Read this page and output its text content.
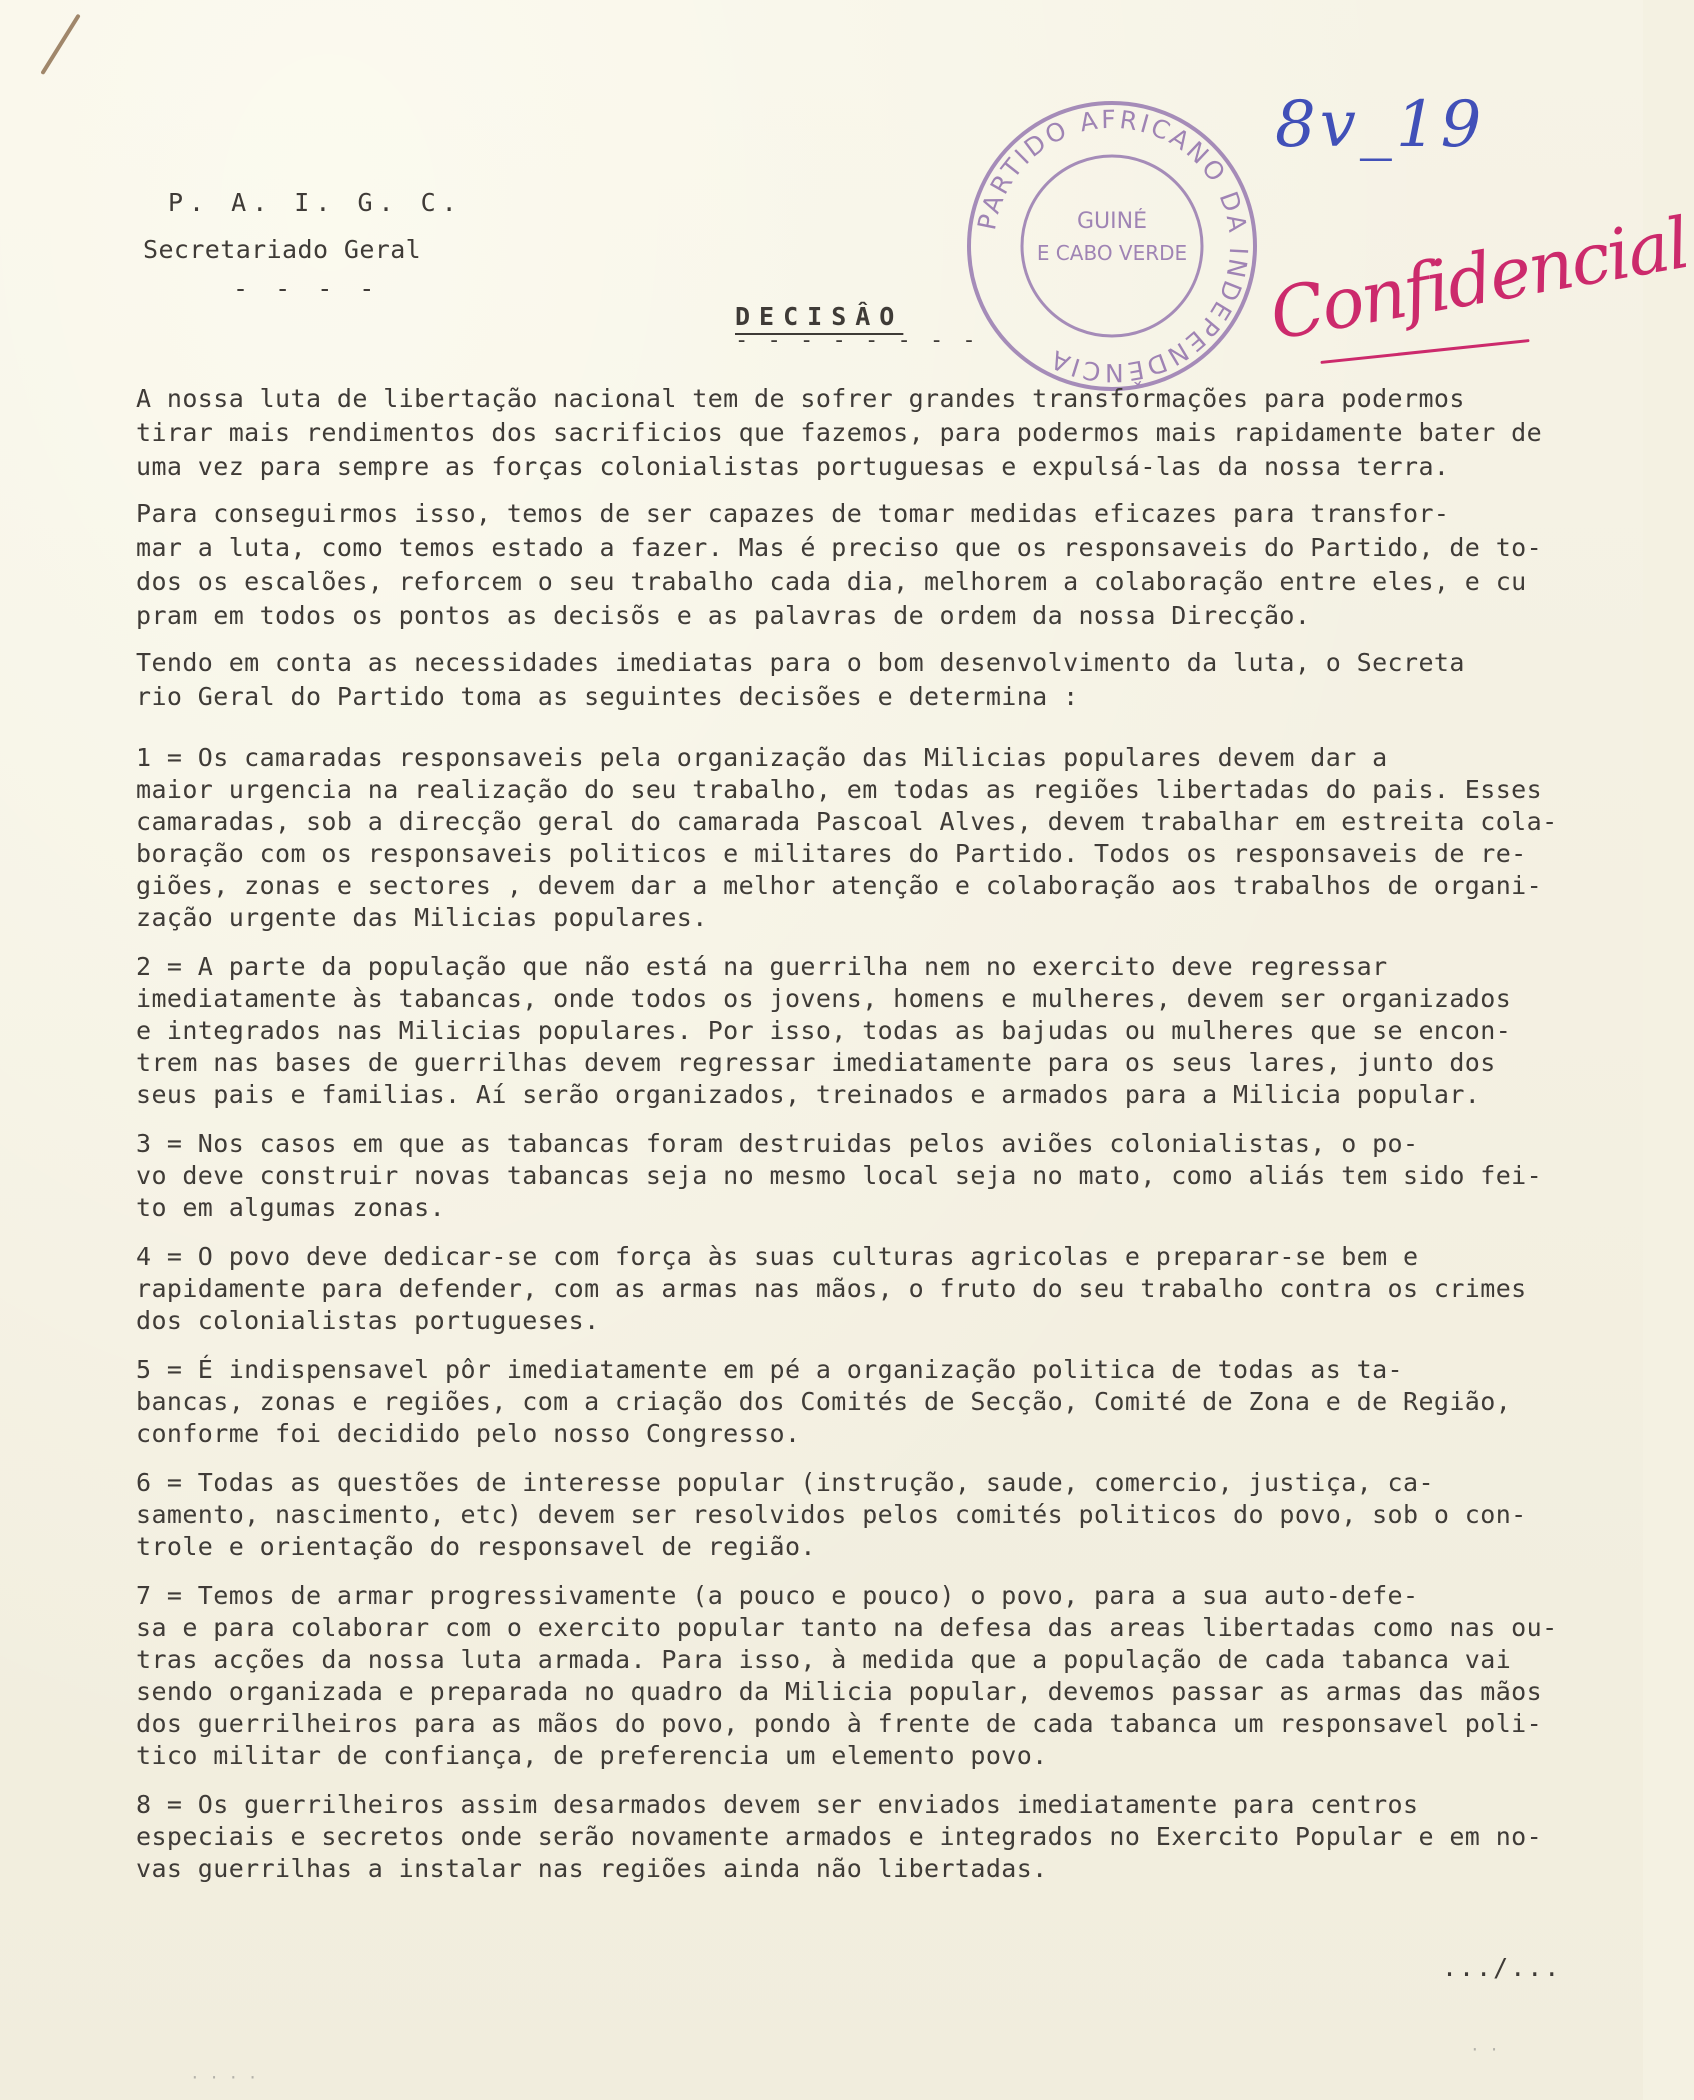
P. A. I. G. C.
Secretariado Geral
- - - -
DECISÂO
- - - - - - - -
PARTIDO AFRICANO DA INDEPENDÊNCIA
GUINÉ
E CABO VERDE
8v_19
Confidencial
A nossa luta de libertação nacional tem de sofrer grandes transformações para podermos
tirar mais rendimentos dos sacrificios que fazemos, para podermos mais rapidamente bater de
uma vez para sempre as forças colonialistas portuguesas e expulsá-las da nossa terra.
Para conseguirmos isso, temos de ser capazes de tomar medidas eficazes para transfor-
mar a luta, como temos estado a fazer. Mas é preciso que os responsaveis do Partido, de to-
dos os escalões, reforcem o seu trabalho cada dia, melhorem a colaboração entre eles, e cu
pram em todos os pontos as decisõs e as palavras de ordem da nossa Direcção.
Tendo em conta as necessidades imediatas para o bom desenvolvimento da luta, o Secreta
rio Geral do Partido toma as seguintes decisões e determina :
1 = Os camaradas responsaveis pela organização das Milicias populares devem dar a
maior urgencia na realização do seu trabalho, em todas as regiões libertadas do pais. Esses
camaradas, sob a direcção geral do camarada Pascoal Alves, devem trabalhar em estreita cola-
boração com os responsaveis politicos e militares do Partido. Todos os responsaveis de re-
giões, zonas e sectores , devem dar a melhor atenção e colaboração aos trabalhos de organi-
zação urgente das Milicias populares.
2 = A parte da população que não está na guerrilha nem no exercito deve regressar
imediatamente às tabancas, onde todos os jovens, homens e mulheres, devem ser organizados
e integrados nas Milicias populares. Por isso, todas as bajudas ou mulheres que se encon-
trem nas bases de guerrilhas devem regressar imediatamente para os seus lares, junto dos
seus pais e familias. Aí serão organizados, treinados e armados para a Milicia popular.
3 = Nos casos em que as tabancas foram destruidas pelos aviões colonialistas, o po-
vo deve construir novas tabancas seja no mesmo local seja no mato, como aliás tem sido fei-
to em algumas zonas.
4 = O povo deve dedicar-se com força às suas culturas agricolas e preparar-se bem e
rapidamente para defender, com as armas nas mãos, o fruto do seu trabalho contra os crimes
dos colonialistas portugueses.
5 = É indispensavel pôr imediatamente em pé a organização politica de todas as ta-
bancas, zonas e regiões, com a criação dos Comités de Secção, Comité de Zona e de Região,
conforme foi decidido pelo nosso Congresso.
6 = Todas as questões de interesse popular (instrução, saude, comercio, justiça, ca-
samento, nascimento, etc) devem ser resolvidos pelos comités politicos do povo, sob o con-
trole e orientação do responsavel de região.
7 = Temos de armar progressivamente (a pouco e pouco) o povo, para a sua auto-defe-
sa e para colaborar com o exercito popular tanto na defesa das areas libertadas como nas ou-
tras acções da nossa luta armada. Para isso, à medida que a população de cada tabanca vai
sendo organizada e preparada no quadro da Milicia popular, devemos passar as armas das mãos
dos guerrilheiros para as mãos do povo, pondo à frente de cada tabanca um responsavel poli-
tico militar de confiança, de preferencia um elemento povo.
8 = Os guerrilheiros assim desarmados devem ser enviados imediatamente para centros
especiais e secretos onde serão novamente armados e integrados no Exercito Popular e em no-
vas guerrilhas a instalar nas regiões ainda não libertadas.
.../...
· · · ·
· ·
